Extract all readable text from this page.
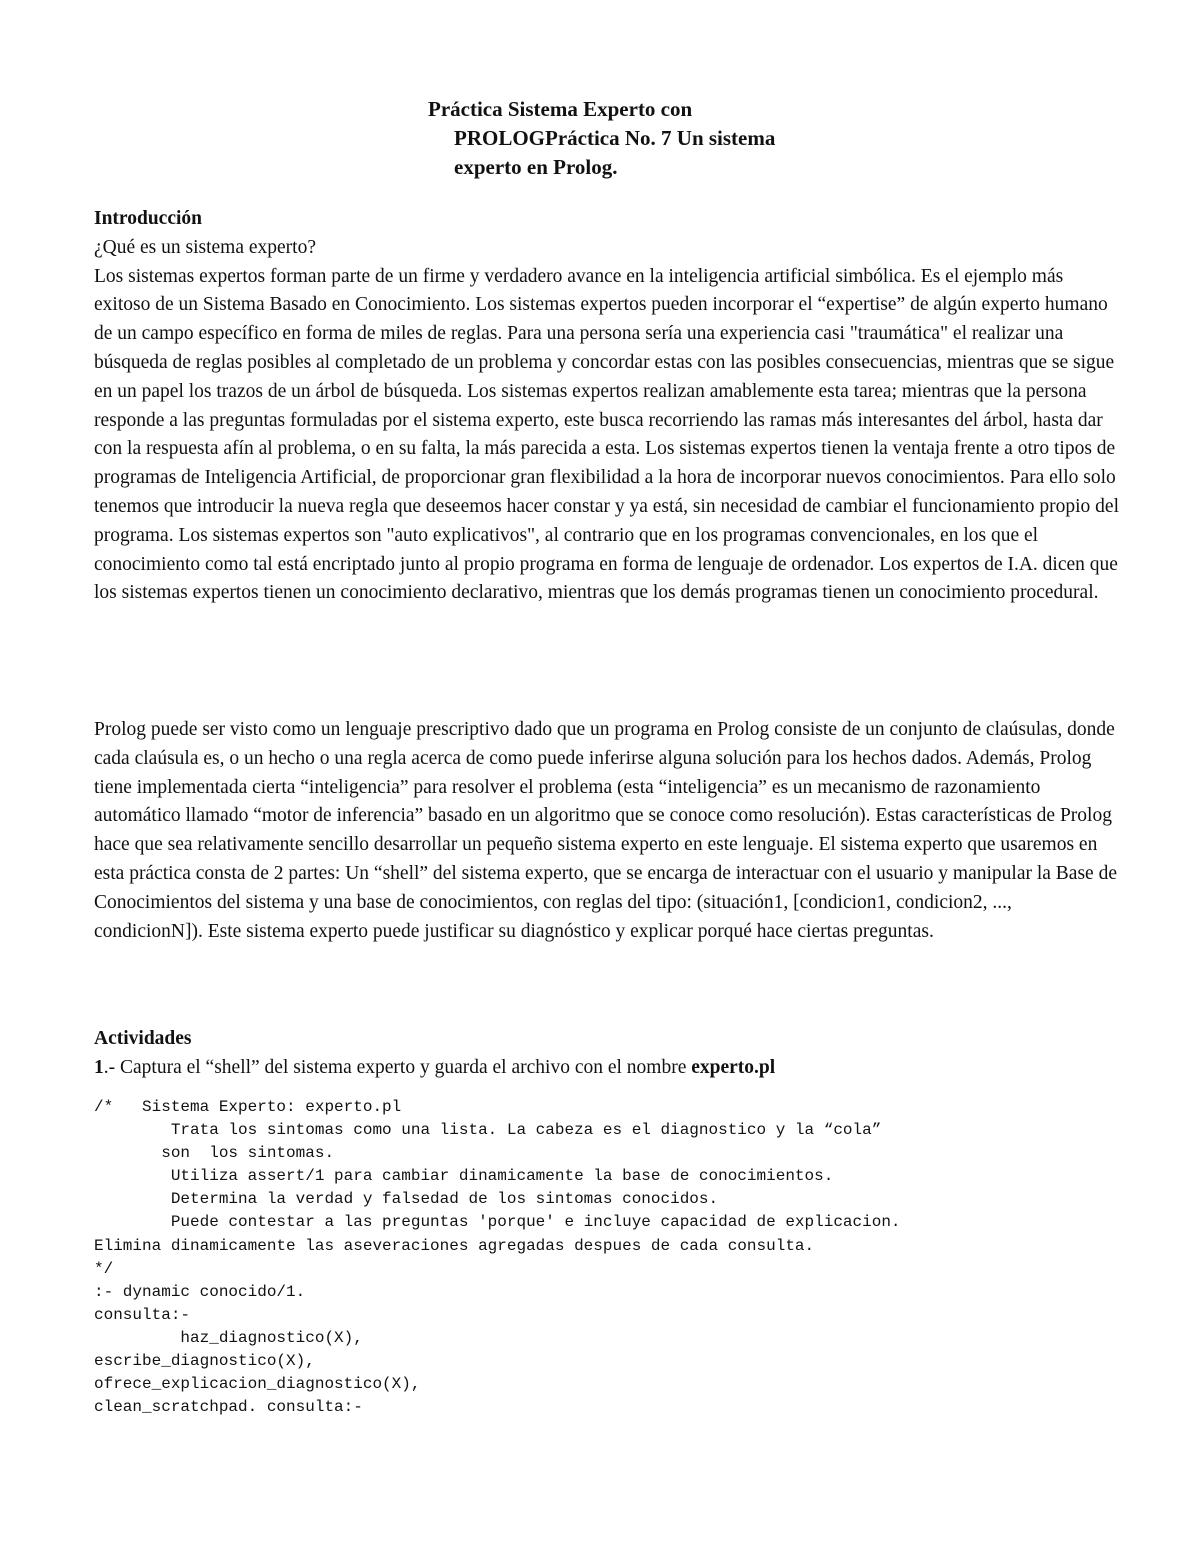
Práctica Sistema Experto con
PROLOGPráctica No. 7 Un sistema
experto en Prolog.

Introducción

¿Qué es un sistema experto?

Los sistemas expertos forman parte de un firme y verdadero avance en la inteligencia artificial simbólica. Es el ejemplo más exitoso de un Sistema Basado en Conocimiento. Los sistemas expertos pueden incorporar el “expertise” de algún experto humano de un campo específico en forma de miles de reglas. Para una persona sería una experiencia casi "traumática" el realizar una búsqueda de reglas posibles al completado de un problema y concordar estas con las posibles consecuencias, mientras que se sigue en un papel los trazos de un árbol de búsqueda. Los sistemas expertos realizan amablemente esta tarea; mientras que la persona responde a las preguntas formuladas por el sistema experto, este busca recorriendo las ramas más interesantes del árbol, hasta dar con la respuesta afín al problema, o en su falta, la más parecida a esta. Los sistemas expertos tienen la ventaja frente a otro tipos de programas de Inteligencia Artificial, de proporcionar gran flexibilidad a la hora de incorporar nuevos conocimientos. Para ello solo tenemos que introducir la nueva regla que deseemos hacer constar y ya está, sin necesidad de cambiar el funcionamiento propio del programa. Los sistemas expertos son "auto explicativos", al contrario que en los programas convencionales, en los que el conocimiento como tal está encriptado junto al propio programa en forma de lenguaje de ordenador. Los expertos de I.A. dicen que los sistemas expertos tienen un conocimiento declarativo, mientras que los demás programas tienen un conocimiento procedural.

Prolog puede ser visto como un lenguaje prescriptivo dado que un programa en Prolog consiste de un conjunto de claúsulas, donde cada claúsula es, o un hecho o una regla acerca de como puede inferirse alguna solución para los hechos dados. Además, Prolog tiene implementada cierta “inteligencia” para resolver el problema (esta “inteligencia” es un mecanismo de razonamiento automático llamado “motor de inferencia” basado en un algoritmo que se conoce como resolución). Estas características de Prolog hace que sea relativamente sencillo desarrollar un pequeño sistema experto en este lenguaje. El sistema experto que usaremos en esta práctica consta de 2 partes: Un “shell” del sistema experto, que se encarga de interactuar con el usuario y manipular la Base de Conocimientos del sistema y una base de conocimientos, con reglas del tipo: (situación1, [condicion1, condicion2, ..., condicionN]). Este sistema experto puede justificar su diagnóstico y explicar porqué hace ciertas preguntas.

Actividades

1.- Captura el “shell” del sistema experto y guarda el archivo con el nombre experto.pl

/*   Sistema Experto: experto.pl
Trata los sintomas como una lista. La cabeza es el diagnostico y la “cola”
son  los sintomas.
Utiliza assert/1 para cambiar dinamicamente la base de conocimientos.
Determina la verdad y falsedad de los sintomas conocidos.
Puede contestar a las preguntas 'porque' e incluye capacidad de explicacion.
Elimina dinamicamente las aseveraciones agregadas despues de cada consulta.
*/
:- dynamic conocido/1.
consulta:-
haz_diagnostico(X),
escribe_diagnostico(X),
ofrece_explicacion_diagnostico(X),
clean_scratchpad. consulta:-
